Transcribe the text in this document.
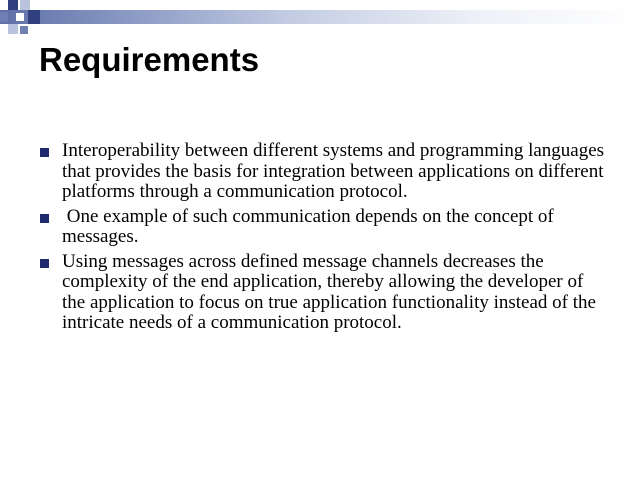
Requirements
Interoperability between different systems and programming languages that provides the basis for integration between applications on different platforms through a communication protocol.
One example of such communication depends on the concept of messages.
Using messages across defined message channels decreases the complexity of the end application, thereby allowing the developer of the application to focus on true application functionality instead of the intricate needs of a communication protocol.
